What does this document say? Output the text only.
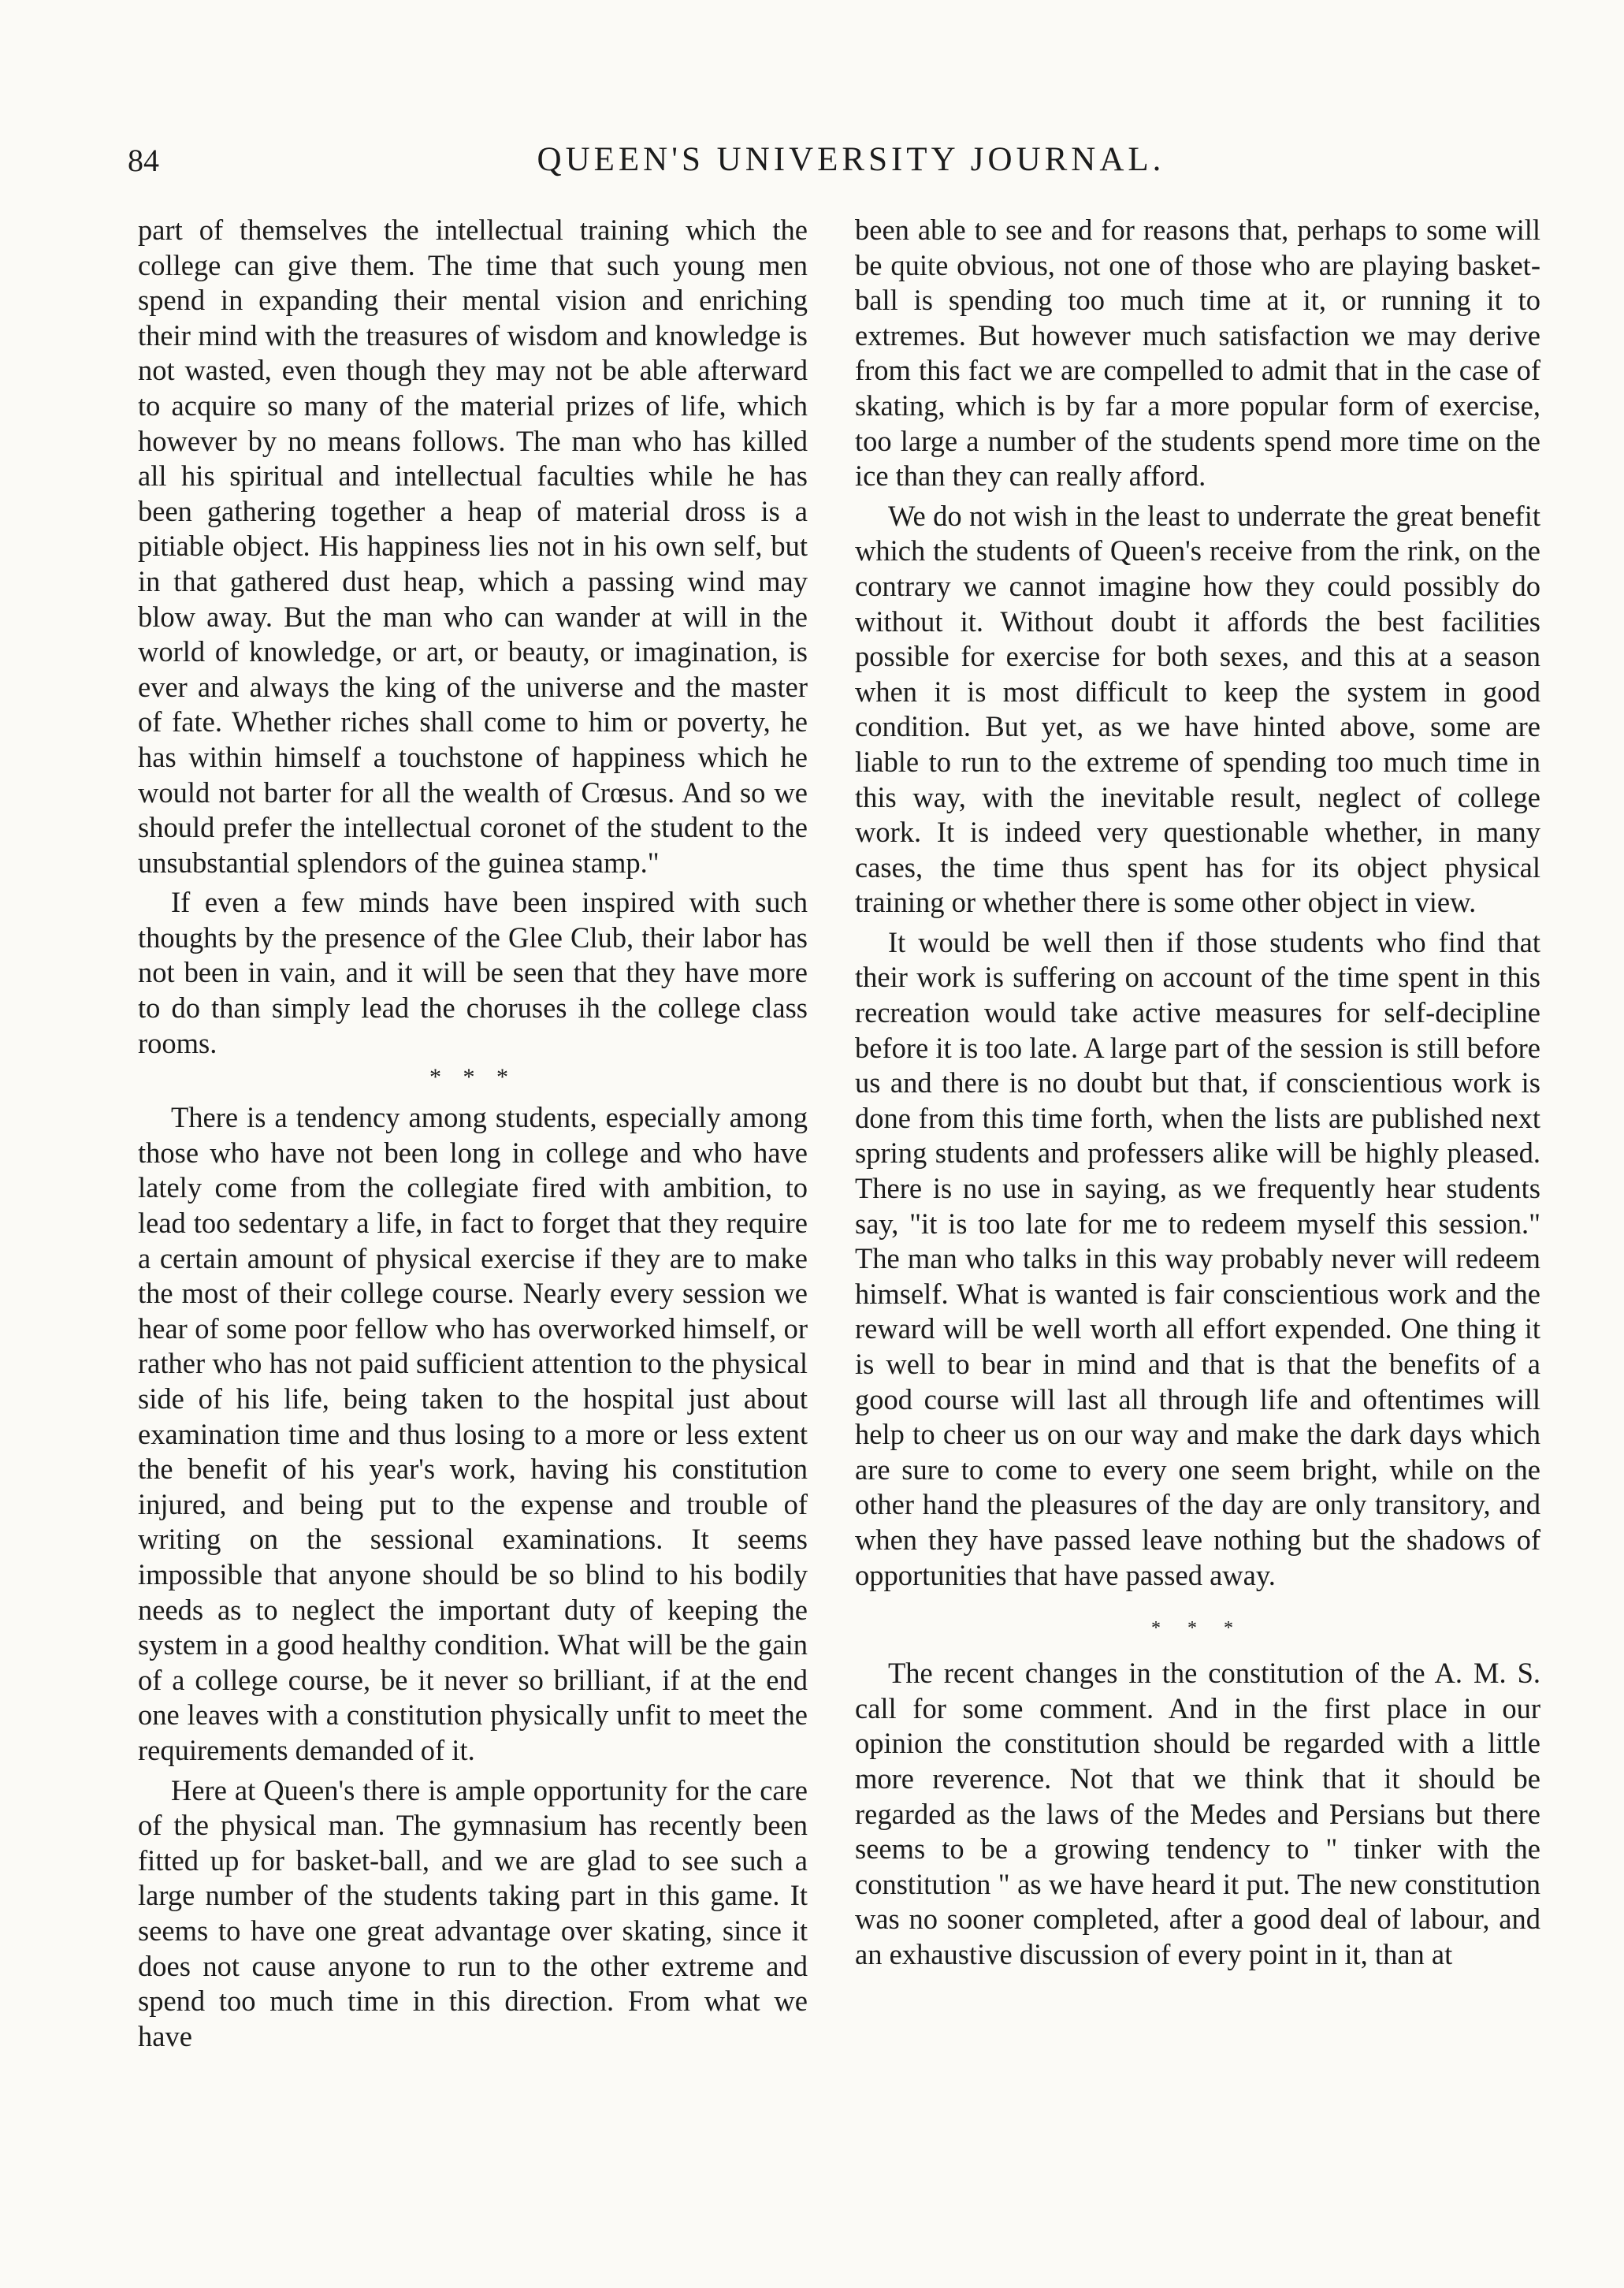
84	QUEEN'S UNIVERSITY JOURNAL.

part of themselves the intellectual training which the college can give them. The time that such young men spend in expanding their mental vision and enriching their mind with the treasures of wisdom and knowledge is not wasted, even though they may not be able afterward to acquire so many of the material prizes of life, which however by no means follows. The man who has killed all his spiritual and intellectual faculties while he has been gathering together a heap of material dross is a pitiable object. His happiness lies not in his own self, but in that gathered dust heap, which a passing wind may blow away. But the man who can wander at will in the world of knowledge, or art, or beauty, or imagination, is ever and always the king of the universe and the master of fate. Whether riches shall come to him or poverty, he has within himself a touchstone of happiness which he would not barter for all the wealth of Crœsus. And so we should prefer the intellectual coronet of the student to the unsubstantial splendors of the guinea stamp."

If even a few minds have been inspired with such thoughts by the presence of the Glee Club, their labor has not been in vain, and it will be seen that they have more to do than simply lead the choruses ih the college class rooms.

* * *

There is a tendency among students, especially among those who have not been long in college and who have lately come from the collegiate fired with ambition, to lead too sedentary a life, in fact to forget that they require a certain amount of physical exercise if they are to make the most of their college course. Nearly every session we hear of some poor fellow who has overworked himself, or rather who has not paid sufficient attention to the physical side of his life, being taken to the hospital just about examination time and thus losing to a more or less extent the benefit of his year's work, having his constitution injured, and being put to the expense and trouble of writing on the sessional examinations. It seems impossible that anyone should be so blind to his bodily needs as to neglect the important duty of keeping the system in a good healthy condition. What will be the gain of a college course, be it never so brilliant, if at the end one leaves with a constitution physically unfit to meet the requirements demanded of it.

Here at Queen's there is ample opportunity for the care of the physical man. The gymnasium has recently been fitted up for basket-ball, and we are glad to see such a large number of the students taking part in this game. It seems to have one great advantage over skating, since it does not cause anyone to run to the other extreme and spend too much time in this direction. From what we have

been able to see and for reasons that, perhaps to some will be quite obvious, not one of those who are playing basket-ball is spending too much time at it, or running it to extremes. But however much satisfaction we may derive from this fact we are compelled to admit that in the case of skating, which is by far a more popular form of exercise, too large a number of the students spend more time on the ice than they can really afford.

We do not wish in the least to underrate the great benefit which the students of Queen's receive from the rink, on the contrary we cannot imagine how they could possibly do without it. Without doubt it affords the best facilities possible for exercise for both sexes, and this at a season when it is most difficult to keep the system in good condition. But yet, as we have hinted above, some are liable to run to the extreme of spending too much time in this way, with the inevitable result, neglect of college work. It is indeed very questionable whether, in many cases, the time thus spent has for its object physical training or whether there is some other object in view.

It would be well then if those students who find that their work is suffering on account of the time spent in this recreation would take active measures for self-decipline before it is too late. A large part of the session is still before us and there is no doubt but that, if conscientious work is done from this time forth, when the lists are published next spring students and professers alike will be highly pleased. There is no use in saying, as we frequently hear students say, "it is too late for me to redeem myself this session." The man who talks in this way probably never will redeem himself. What is wanted is fair conscientious work and the reward will be well worth all effort expended. One thing it is well to bear in mind and that is that the benefits of a good course will last all through life and oftentimes will help to cheer us on our way and make the dark days which are sure to come to every one seem bright, while on the other hand the pleasures of the day are only transitory, and when they have passed leave nothing but the shadows of opportunities that have passed away.

* * *

The recent changes in the constitution of the A. M. S. call for some comment. And in the first place in our opinion the constitution should be regarded with a little more reverence. Not that we think that it should be regarded as the laws of the Medes and Persians but there seems to be a growing tendency to " tinker with the constitution " as we have heard it put. The new constitution was no sooner completed, after a good deal of labour, and an exhaustive discussion of every point in it, than at
